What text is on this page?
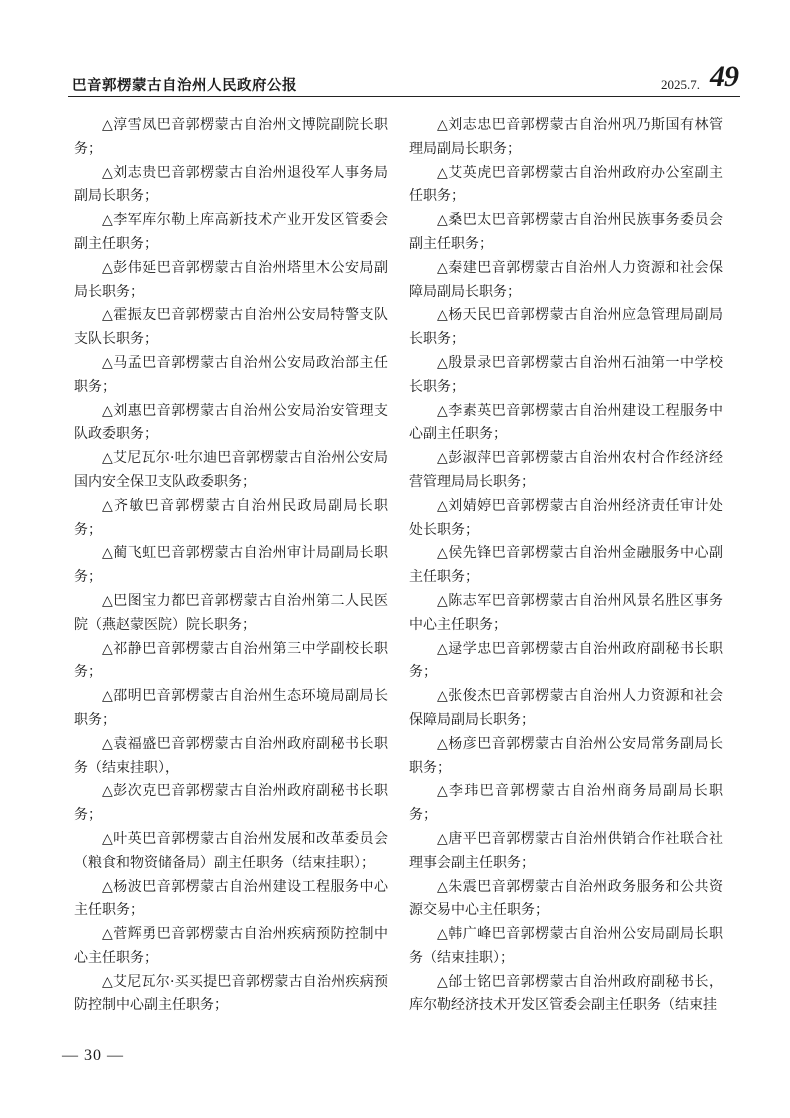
巴音郭楞蒙古自治州人民政府公报	2025.7. 49

△淳雪凤巴音郭楞蒙古自治州文博院副院长职务；

△刘志贵巴音郭楞蒙古自治州退役军人事务局副局长职务；

△李军库尔勒上库高新技术产业开发区管委会副主任职务；

△彭伟延巴音郭楞蒙古自治州塔里木公安局副局长职务；

△霍振友巴音郭楞蒙古自治州公安局特警支队支队长职务；

△马孟巴音郭楞蒙古自治州公安局政治部主任职务；

△刘惠巴音郭楞蒙古自治州公安局治安管理支队政委职务；

△艾尼瓦尔·吐尔迪巴音郭楞蒙古自治州公安局国内安全保卫支队政委职务；

△齐敏巴音郭楞蒙古自治州民政局副局长职务；

△蔺飞虹巴音郭楞蒙古自治州审计局副局长职务；

△巴图宝力都巴音郭楞蒙古自治州第二人民医院（燕赵蒙医院）院长职务；

△祁静巴音郭楞蒙古自治州第三中学副校长职务；

△邵明巴音郭楞蒙古自治州生态环境局副局长职务；

△袁福盛巴音郭楞蒙古自治州政府副秘书长职务（结束挂职），

△彭次克巴音郭楞蒙古自治州政府副秘书长职务；

△叶英巴音郭楞蒙古自治州发展和改革委员会（粮食和物资储备局）副主任职务（结束挂职）；

△杨波巴音郭楞蒙古自治州建设工程服务中心主任职务；

△菅辉勇巴音郭楞蒙古自治州疾病预防控制中心主任职务；

△艾尼瓦尔·买买提巴音郭楞蒙古自治州疾病预防控制中心副主任职务；

△刘志忠巴音郭楞蒙古自治州巩乃斯国有林管理局副局长职务；

△艾英虎巴音郭楞蒙古自治州政府办公室副主任职务；

△桑巴太巴音郭楞蒙古自治州民族事务委员会副主任职务；

△秦建巴音郭楞蒙古自治州人力资源和社会保障局副局长职务；

△杨天民巴音郭楞蒙古自治州应急管理局副局长职务；

△殷景录巴音郭楞蒙古自治州石油第一中学校长职务；

△李素英巴音郭楞蒙古自治州建设工程服务中心副主任职务；

△彭淑萍巴音郭楞蒙古自治州农村合作经济经营管理局局长职务；

△刘婧婷巴音郭楞蒙古自治州经济责任审计处处长职务；

△侯先锋巴音郭楞蒙古自治州金融服务中心副主任职务；

△陈志军巴音郭楞蒙古自治州风景名胜区事务中心主任职务；

△逯学忠巴音郭楞蒙古自治州政府副秘书长职务；

△张俊杰巴音郭楞蒙古自治州人力资源和社会保障局副局长职务；

△杨彦巴音郭楞蒙古自治州公安局常务副局长职务；

△李玮巴音郭楞蒙古自治州商务局副局长职务；

△唐平巴音郭楞蒙古自治州供销合作社联合社理事会副主任职务；

△朱震巴音郭楞蒙古自治州政务服务和公共资源交易中心主任职务；

△韩广峰巴音郭楞蒙古自治州公安局副局长职务（结束挂职）；

△邰士铭巴音郭楞蒙古自治州政府副秘书长，库尔勒经济技术开发区管委会副主任职务（结束挂

— 30 —
